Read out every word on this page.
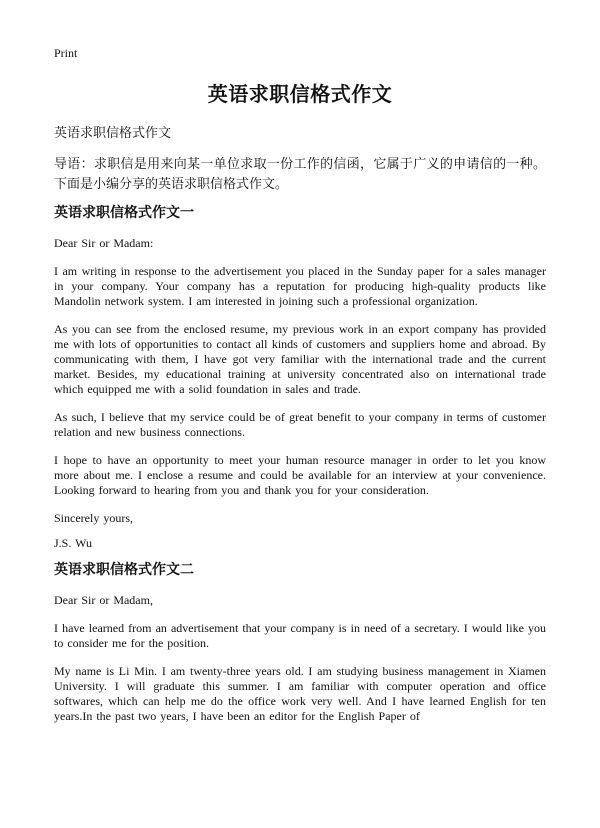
Print
英语求职信格式作文
英语求职信格式作文
导语：求职信是用来向某一单位求取一份工作的信函，它属于广义的申请信的一种。下面是小编分享的英语求职信格式作文。
英语求职信格式作文一

Dear Sir or Madam:

I am writing in response to the advertisement you placed in the Sunday paper for a sales manager in your company. Your company has a reputation for producing high-quality products like Mandolin network system. I am interested in joining such a professional organization.

As you can see from the enclosed resume, my previous work in an export company has provided me with lots of opportunities to contact all kinds of customers and suppliers home and abroad. By communicating with them, I have got very familiar with the international trade and the current market. Besides, my educational training at university concentrated also on international trade which equipped me with a solid foundation in sales and trade.

As such, I believe that my service could be of great benefit to your company in terms of customer relation and new business connections.

I hope to have an opportunity to meet your human resource manager in order to let you know more about me. I enclose a resume and could be available for an interview at your convenience. Looking forward to hearing from you and thank you for your consideration.

Sincerely yours,

J.S. Wu

英语求职信格式作文二

Dear Sir or Madam,

I have learned from an advertisement that your company is in need of a secretary. I would like you to consider me for the position.

My name is Li Min. I am twenty-three years old. I am studying business management in Xiamen University. I will graduate this summer. I am familiar with computer operation and office softwares, which can help me do the office work very well. And I have learned English for ten years.In the past two years, I have been an editor for the English Paper of
